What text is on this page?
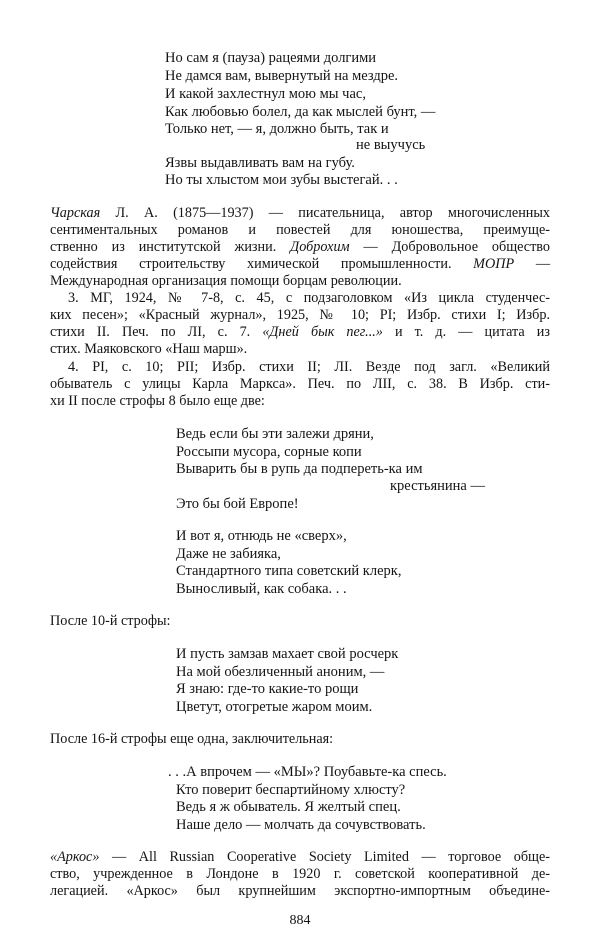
Но сам я (пауза) рацеями долгими
Не дамся вам, вывернутый на мездре.
И какой захлестнул мою мы час,
Как любовью болел, да как мыслей бунт, —
Только нет, — я, должно быть, так и
не выучусь
Язвы выдавливать вам на губу.
Но ты хлыстом мои зубы выстегай. . .
Чарская Л. А. (1875—1937) — писательница, автор многочисленных
сентиментальных романов и повестей для юношества, преимуще-
ственно из институтской жизни. Доброхим — Добровольное общество
содействия строительству химической промышленности. МОПР —
Международная организация помощи борцам революции.
3. МГ, 1924, № 7-8, с. 45, с подзаголовком «Из цикла студенчес-
ких песен»; «Красный журнал», 1925, № 10; РІ; Избр. стихи І; Избр.
стихи II. Печ. по ЛІ, с. 7. «Дней бык пег...» и т. д. — цитата из
стих. Маяковского «Наш марш».
4. РІ, с. 10; PII; Избр. стихи II; ЛІ. Везде под загл. «Великий
обыватель с улицы Карла Маркса». Печ. по ЛІІ, с. 38. В Избр. сти-
хи II после строфы 8 было еще две:
Ведь если бы эти залежи дряни,
Россыпи мусора, сорные копи
Выварить бы в рупь да подпереть-ка им
крестьянина —
Это бы бой Европе!
И вот я, отнюдь не «сверх»,
Даже не забияка,
Стандартного типа советский клерк,
Выносливый, как собака. . .
После 10-й строфы:
И пусть замзав махает свой росчерк
На мой обезличенный аноним, —
Я знаю: где-то какие-то рощи
Цветут, отогретые жаром моим.
После 16-й строфы еще одна, заключительная:
. . .А впрочем — «МЫ»? Поубавьте-ка спесь.
Кто поверит беспартийному хлюсту?
Ведь я ж обыватель. Я желтый спец.
Наше дело — молчать да сочувствовать.
«Аркос» — All Russian Cooperative Society Limited — торговое обще-
ство, учрежденное в Лондоне в 1920 г. советской кооперативной де-
легацией. «Аркос» был крупнейшим экспортно-импортным объедине-
884
